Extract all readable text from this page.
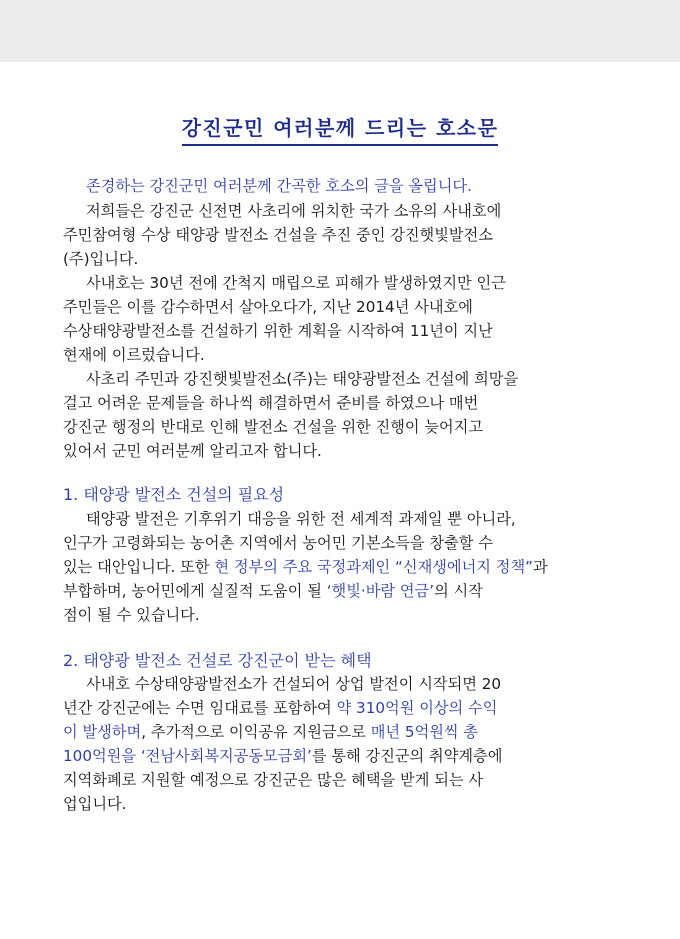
강진군민 여러분께 드리는 호소문
존경하는 강진군민 여러분께 간곡한 호소의 글을 올립니다.
저희들은 강진군 신전면 사초리에 위치한 국가 소유의 사내호에
주민참여형 수상 태양광 발전소 건설을 추진 중인 강진햇빛발전소
(주)입니다.
사내호는 30년 전에 간척지 매립으로 피해가 발생하였지만 인근
주민들은 이를 감수하면서 살아오다가, 지난 2014년 사내호에
수상태양광발전소를 건설하기 위한 계획을 시작하여 11년이 지난
현재에 이르렀습니다.
사초리 주민과 강진햇빛발전소(주)는 태양광발전소 건설에 희망을
걸고 어려운 문제들을 하나씩 해결하면서 준비를 하였으나 매번
강진군 행정의 반대로 인해 발전소 건설을 위한 진행이 늦어지고
있어서 군민 여러분께 알리고자 합니다.
1. 태양광 발전소 건설의 필요성
태양광 발전은 기후위기 대응을 위한 전 세계적 과제일 뿐 아니라,
인구가 고령화되는 농어촌 지역에서 농어민 기본소득을 창출할 수
있는 대안입니다. 또한 현 정부의 주요 국정과제인 “신재생에너지 정책”과
부합하며, 농어민에게 실질적 도움이 될 ‘햇빛·바람 연금’의 시작
점이 될 수 있습니다.
2. 태양광 발전소 건설로 강진군이 받는 혜택
사내호 수상태양광발전소가 건설되어 상업 발전이 시작되면 20
년간 강진군에는 수면 임대료를 포함하여 약 310억원 이상의 수익
이 발생하며, 추가적으로 이익공유 지원금으로 매년 5억원씩 총
100억원을 ‘전남사회복지공동모금회’를 통해 강진군의 취약계층에
지역화폐로 지원할 예정으로 강진군은 많은 혜택을 받게 되는 사
업입니다.
